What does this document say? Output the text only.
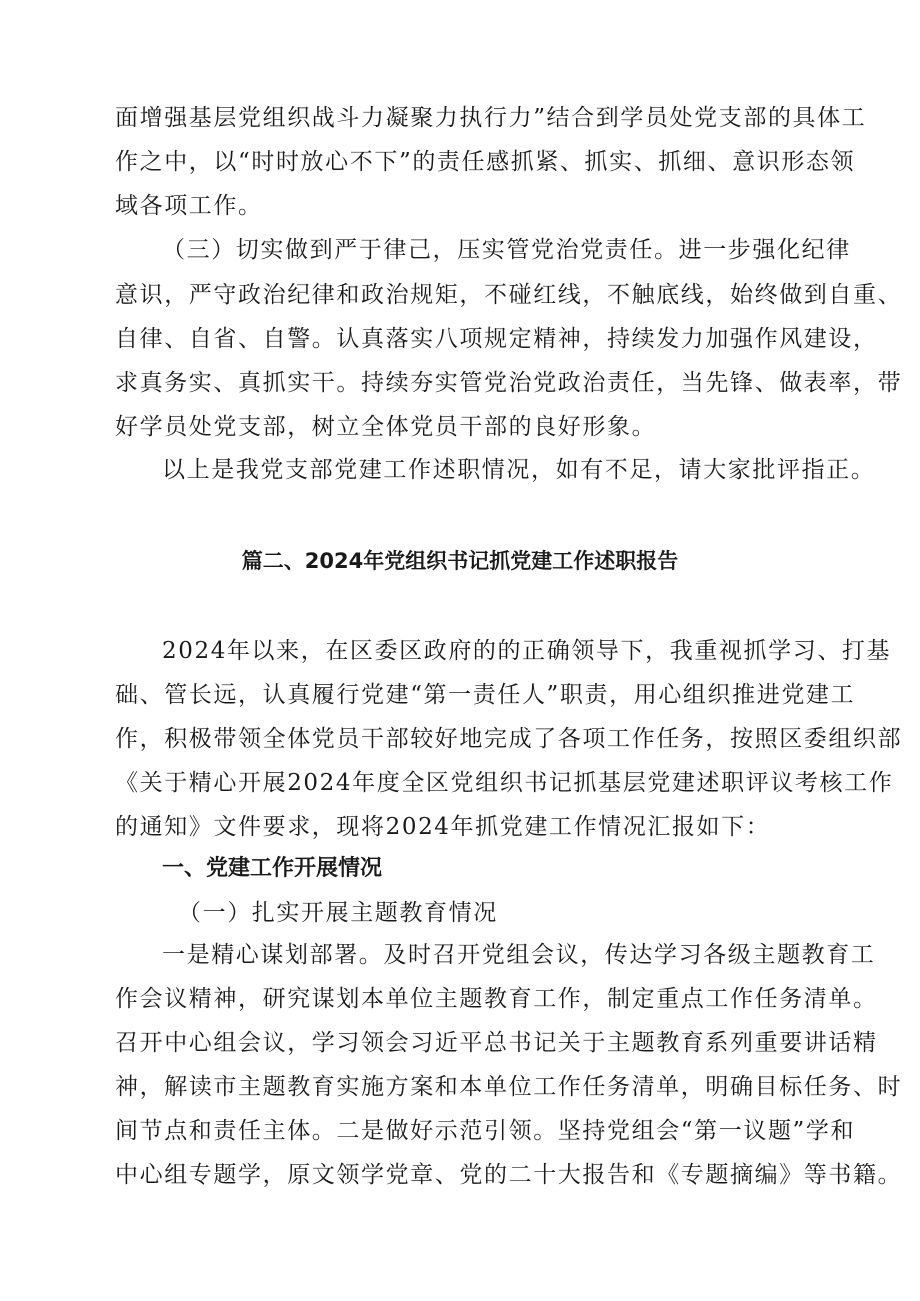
面增强基层党组织战斗力凝聚力执行力”结合到学员处党支部的具体工
作之中，以“时时放心不下”的责任感抓紧、抓实、抓细、意识形态领
域各项工作。
（三）切实做到严于律己，压实管党治党责任。进一步强化纪律
意识，严守政治纪律和政治规矩，不碰红线，不触底线，始终做到自重、
自律、自省、自警。认真落实八项规定精神，持续发力加强作风建设，
求真务实、真抓实干。持续夯实管党治党政治责任，当先锋、做表率，带
好学员处党支部，树立全体党员干部的良好形象。
以上是我党支部党建工作述职情况，如有不足，请大家批评指正。
篇二、2024年党组织书记抓党建工作述职报告
2024年以来，在区委区政府的的正确领导下，我重视抓学习、打基
础、管长远，认真履行党建“第一责任人”职责，用心组织推进党建工
作，积极带领全体党员干部较好地完成了各项工作任务，按照区委组织部
《关于精心开展2024年度全区党组织书记抓基层党建述职评议考核工作
的通知》文件要求，现将2024年抓党建工作情况汇报如下：
一、党建工作开展情况
（一）扎实开展主题教育情况
一是精心谋划部署。及时召开党组会议，传达学习各级主题教育工
作会议精神，研究谋划本单位主题教育工作，制定重点工作任务清单。
召开中心组会议，学习领会习近平总书记关于主题教育系列重要讲话精
神，解读市主题教育实施方案和本单位工作任务清单，明确目标任务、时
间节点和责任主体。二是做好示范引领。坚持党组会“第一议题”学和
中心组专题学，原文领学党章、党的二十大报告和《专题摘编》等书籍。
